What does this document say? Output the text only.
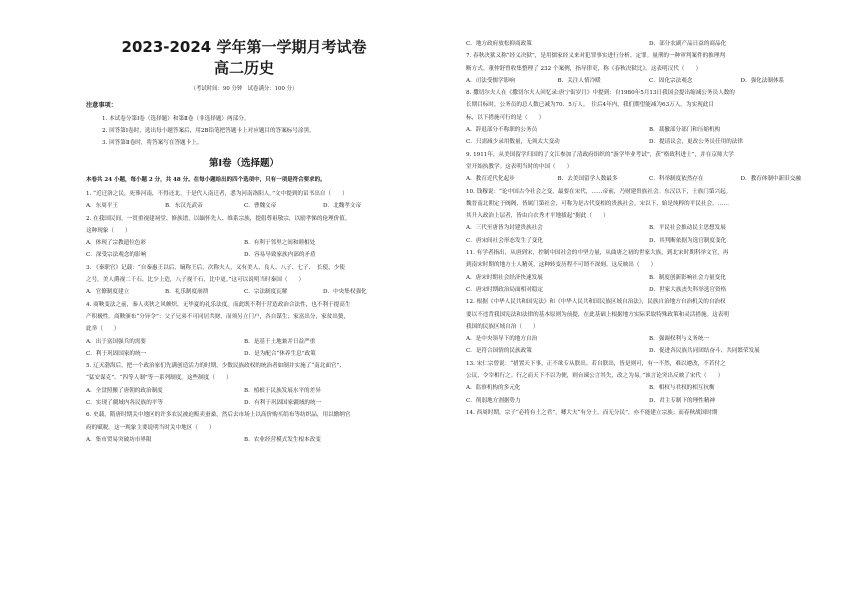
2023-2024 学年第一学期月考试卷
高二历史
（考试时间：90 分钟　试卷满分：100 分）
注意事项：
1. 本试卷分第Ⅰ卷（选择题）和第Ⅱ卷（非选择题）两部分。
2. 回答第Ⅰ卷时，选出每小题答案后，用2B铅笔把答题卡上对应题目的答案标号涂黑。
3. 回答第Ⅱ卷时，将答案写在答题卡上。
第Ⅰ卷（选择题）
本卷共 24 小题，每小题 2 分，共 48 分。在每小题给出的四个选项中，只有一项是符合要求的。
1. “近迁洛之民，死葬河南，不得还北。于是代人南迁者，悉为河南洛阳人。”文中提到的诏书出自（　　）
A．东周平王	B．东汉光武帝	C．曹魏文帝	D．北魏孝文帝
2. 在我国民间，一贯重视建祠堂、修族谱，以缅怀先人、维系宗族，提倡尊祖敬宗，以励孝悌的伦理价值。
这种现象（　　）
A．体现了宗教遗位色彩	B．有利于邻里之间和睦相处
C．深受宗法观念的影响	D．容易导致家族内部的矛盾
3. 《秦职官》记载：“自秦惠王以后，嫡称王后，次称夫人，又有美人、良人、八子、七子、　长使、少使
之号。美人爵视二千石，比少上造，八子视千石，比中更。”这可以说明当时秦国（　　）
A．官僚制度建立	B．礼乐制度崩溃	C．宗法制度瓦解	D．中央集权强化
4. 商鞅变法之前，秦人夷狄之风颇炽，无毕夏的礼乐法度。而此既不利于营造政治合法性，也不利于提高生
产积极性。商鞅颁布“分异令”：父子兄弟不可同居共财，而须另立门户，各自谋生；家富出分，家贫出赘，
此举（　　）
A．出于富国强兵的需要	B．是基于土地兼并日益严重
C．利于巩固国家的统一	D．是为配合“休养生息”政策
5. 辽灭渤海后，把一个政治家们先满创造活力的时期，少数民族政权的统治者如制并实施了“南北面官”、
“猛安谋克”、“四等人制”等一系列制度。这些制度（　　）
A．全盘照搬了唐朝的政治制度	B．植根于民族发展水平的差异
C．实现了疆域内各民族的平等	D．有利于巩固国家疆域的统一
6. 史载，隋唐时期关中地区的许多农民被迫贩卖蚕桑，然后去市场上以高价购买绢布等纺织品，用以缴纳官
府的赋税。这一现象主要说明当时关中地区（　　）
A．集市贸易突破坊市界限	B．农业经营模式发生根本改变
C．地方政府放松抑商政策	D．部分农副产品日益的商品化
7. 春秋决狱又称“经义决狱”，是用儒家经义来对犯罪事实进行分析、定罪。量刑的一种审判案件的推理判
断方式。董仲舒曾收集整理了 232 个案例，指导律吏，称《春秋决狱比》。这表明汉代（　　）
A．司法受儒学影响	B．关注人情冷暖	C．固化宗法观念	D．强化法制体系
8. 撒切尔夫人在《撒切尔夫人回忆录:唐宁街岁月》中提到：自1980年5月13日我国会提出缩减公务员人数的
长期目标时，公务员的总人数已减为70．5万人。　往后4年内，我们期望能减为63万人。为实现此目
标，以下措施可行的是（　　）
A．辞退部分不称职的公务员	B．裁撤部分部门和压缩机构
C．只需减少录用数量，无须太大变动	D．提请议会，更改公务员任用的法律
9. 1911年，从美国留学归国的了文江参加了清政府组织的“游学毕业考试”，获“格致科进士”，并在京师大学
堂开始执教学。这表明当时的中国（　　）
A．教育近代化起步	B．去美国留学人数最多	C．科举制度依然存在	D．教育体制中新旧交融
10. 钱穆说：“论中国古今社会之变，最要在宋代，……帝前，乃财建贵族社会。东汉以下，士族门第兴起。
魏晋南北朝定于阀阁，皆属门第社会，可称为是古代变相的贵族社会。宋以下，始是纯粹的平民社会。……
其升入政治上层者，皆由白衣秀才平地拔起”据此（　　）
A．三代至唐皆为封建贵族社会	B．平民社会推动民主思想发展
C．唐宋间社会形态发生了变化	D．其判断依据为选官制度变化
11. 有学者指出，从唐到宋，控制中国社会的中坚力量，从曲唐之初的世家大族，到北宋时期科举文官，再
到南宋时期的地方士人精英，这种转变历程不可谓不深刻。这反映出（　　）
A．唐宋时期社会经济快速发展	B．制度创新影响社会力量变化
C．唐宋时期政治局面相对稳定	D．世家大族丧失科举选官资格
12. 根据《中华人民共和国宪法》和《中华人民共和国民族区域自治法》，民族自治地方自治机关的自治权
要以不违背我国宪法和法律的基本原则为前提，在此基础上根据地方实际采取特殊政策和灵活措施。这表明
我国的民族区域自治（　　）
A．是中央领导下的地方自治	B．强调权利与义务统一
C．是符合国情的民族政策	D．促进各民族共同团结奋斗、共同繁荣发展
13. 宋仁宗曾说：“措置天下事，正不欲专从朕出。若自朕出，皆是则可，有一不然，难以遽改，不若付之
公议，令宰相行之。行之而天下不以为便，则台谏公言其失，改之为易。”该言论突出反映了宋代（　　）
A．监察机构的多元化	B．相权与君权的相互抗衡
C．削弱地方割据势力	D．君主专制下的理性精神
14. 西周时期，宗子“必将有土之君”，卿大夫“有分土，而无分民”，亦不能建立宗族；而春秋战国时期
